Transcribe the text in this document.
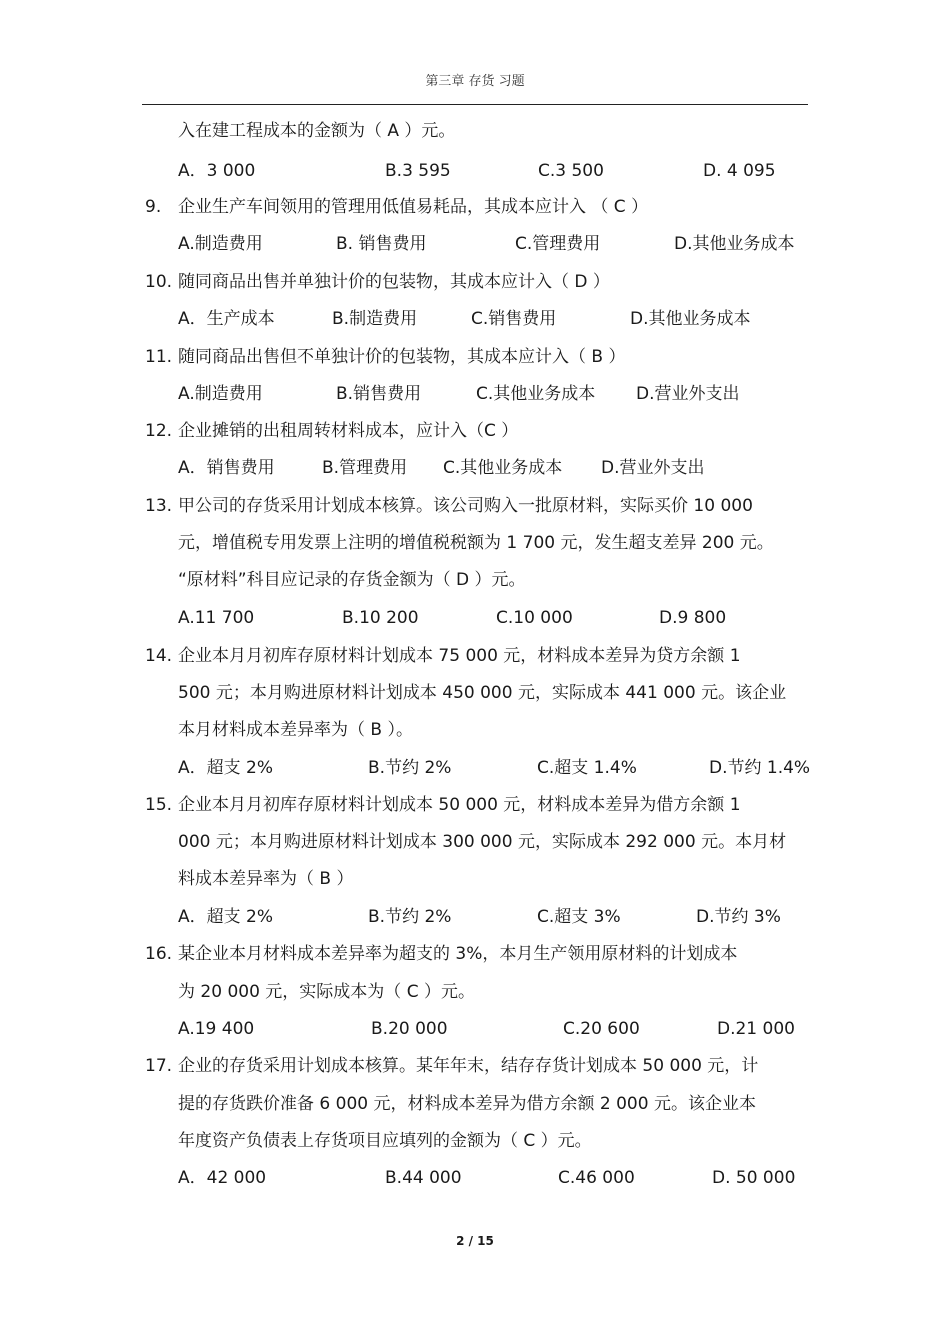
第三章 存货 习题
入在建工程成本的金额为（ A ）元。
A．3 000	B.3 595	C.3 500	D. 4 095
9. 企业生产车间领用的管理用低值易耗品，其成本应计入 （ C ）
A.制造费用	B. 销售费用	C.管理费用	D.其他业务成本
10. 随同商品出售并单独计价的包装物，其成本应计入（ D ）
A．生产成本	B.制造费用	C.销售费用	D.其他业务成本
11. 随同商品出售但不单独计价的包装物，其成本应计入（ B ）
A.制造费用	B.销售费用	C.其他业务成本 D.营业外支出
12. 企业摊销的出租周转材料成本，应计入（C ）
A．销售费用	B.管理费用 C.其他业务成本 D.营业外支出
13. 甲公司的存货采用计划成本核算。该公司购入一批原材料，实际买价 10 000
元，增值税专用发票上注明的增值税税额为 1 700 元，发生超支差异 200 元。
“原材料”科目应记录的存货金额为（ D ）元。
A.11 700	B.10 200	C.10 000	D.9 800
14. 企业本月月初库存原材料计划成本 75 000 元，材料成本差异为贷方余额 1
500 元；本月购进原材料计划成本 450 000 元，实际成本 441 000 元。该企业
本月材料成本差异率为（ B ）。
A．超支 2%	B.节约 2%	C.超支 1.4%	D.节约 1.4%
15. 企业本月月初库存原材料计划成本 50 000 元，材料成本差异为借方余额 1
000 元；本月购进原材料计划成本 300 000 元，实际成本 292 000 元。本月材
料成本差异率为（ B ）
A．超支 2%	B.节约 2%	C.超支 3%	D.节约 3%
16. 某企业本月材料成本差异率为超支的 3%，本月生产领用原材料的计划成本
为 20 000 元，实际成本为（ C ）元。
A.19 400	B.20 000	C.20 600	D.21 000
17. 企业的存货采用计划成本核算。某年年末，结存存货计划成本 50 000 元，计
提的存货跌价准备 6 000 元，材料成本差异为借方余额 2 000 元。该企业本
年度资产负债表上存货项目应填列的金额为（ C ）元。
A．42 000	B.44 000	C.46 000	D. 50 000
2 / 15
